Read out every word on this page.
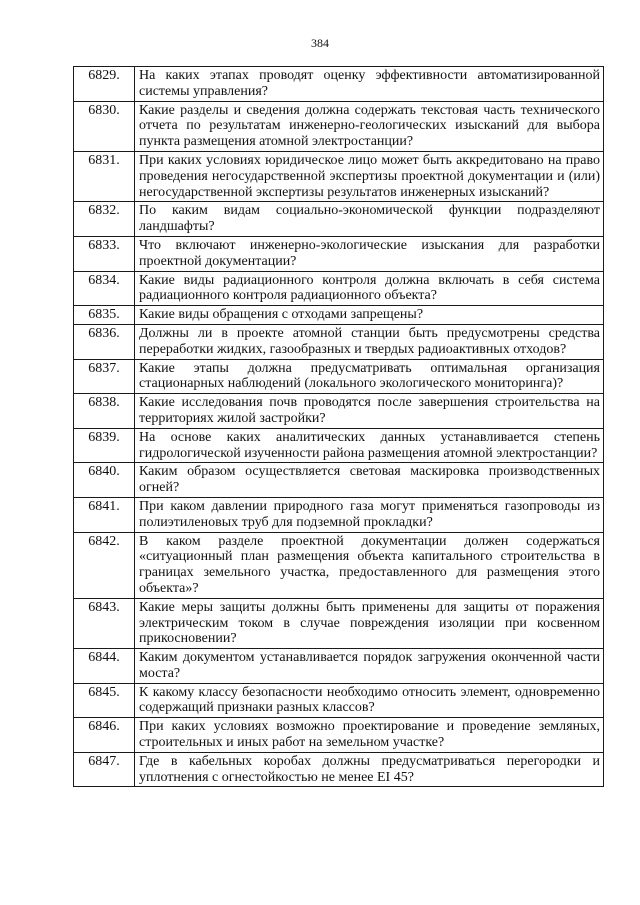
384
6829.	На каких этапах проводят оценку эффективности автоматизированной системы управления?
6830.	Какие разделы и сведения должна содержать текстовая часть технического отчета по результатам инженерно-геологических изысканий для выбора пункта размещения атомной электростанции?
6831.	При каких условиях юридическое лицо может быть аккредитовано на право проведения негосударственной экспертизы проектной документации и (или) негосударственной экспертизы результатов инженерных изысканий?
6832.	По каким видам социально-экономической функции подразделяют ландшафты?
6833.	Что включают инженерно-экологические изыскания для разработки проектной документации?
6834.	Какие виды радиационного контроля должна включать в себя система радиационного контроля радиационного объекта?
6835.	Какие виды обращения с отходами запрещены?
6836.	Должны ли в проекте атомной станции быть предусмотрены средства переработки жидких, газообразных и твердых радиоактивных отходов?
6837.	Какие этапы должна предусматривать оптимальная организация стационарных наблюдений (локального экологического мониторинга)?
6838.	Какие исследования почв проводятся после завершения строительства на территориях жилой застройки?
6839.	На основе каких аналитических данных устанавливается степень гидрологической изученности района размещения атомной электростанции?
6840.	Каким образом осуществляется световая маскировка производственных огней?
6841.	При каком давлении природного газа могут применяться газопроводы из полиэтиленовых труб для подземной прокладки?
6842.	В каком разделе проектной документации должен содержаться «ситуационный план размещения объекта капитального строительства в границах земельного участка, предоставленного для размещения этого объекта»?
6843.	Какие меры защиты должны быть применены для защиты от поражения электрическим током в случае повреждения изоляции при косвенном прикосновении?
6844.	Каким документом устанавливается порядок загружения оконченной части моста?
6845.	К какому классу безопасности необходимо относить элемент, одновременно содержащий признаки разных классов?
6846.	При каких условиях возможно проектирование и проведение земляных, строительных и иных работ на земельном участке?
6847.	Где в кабельных коробах должны предусматриваться перегородки и уплотнения с огнестойкостью не менее EI 45?
